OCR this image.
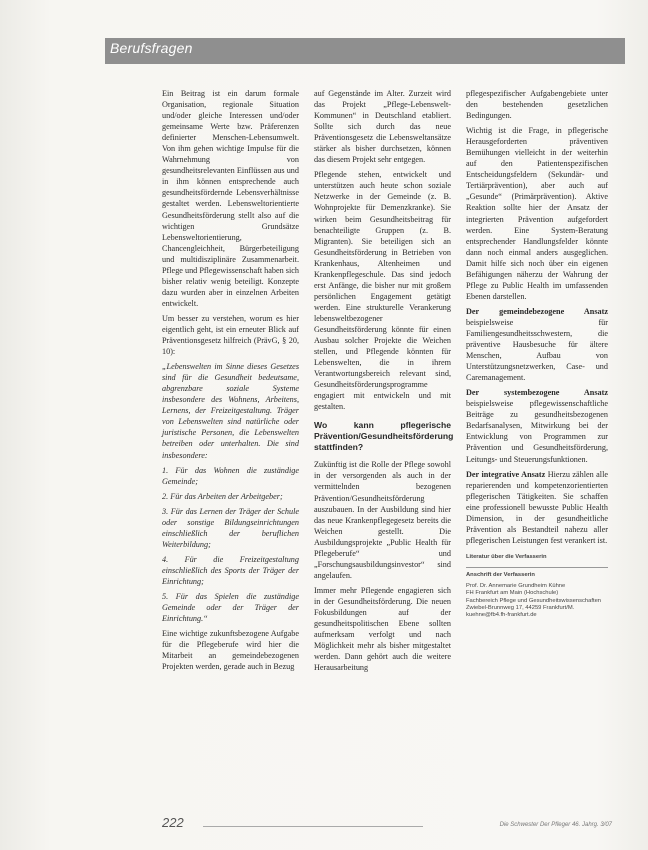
Berufsfragen

Ein Beitrag ist ein darum formale Organisation, regionale Situation und/oder gleiche Interessen und/oder gemeinsame Werte bzw. Präferenzen definierter Menschen-Lebensumwelt. Von ihm gehen wichtige Impulse für die Wahrnehmung von gesundheitsrelevanten Einflüssen aus und in ihm können entsprechende auch gesundheitsfördernde Lebensverhältnisse gestaltet werden. Lebensweltorientierte Gesundheitsförderung stellt also auf die wichtigen Grundsätze Lebensweltorientierung, Chancengleichheit, Bürgerbeteiligung und multidisziplinäre Zusammenarbeit. Pflege und Pflegewissenschaft haben sich bisher relativ wenig beteiligt. Konzepte dazu wurden aber in einzelnen Arbeiten entwickelt.

Um besser zu verstehen, worum es hier eigentlich geht, ist ein erneuter Blick auf Präventionsgesetz hilfreich (PrävG, § 20, 10):

„Lebenswelten im Sinne dieses Gesetzes sind für die Gesundheit bedeutsame, abgrenzbare soziale Systeme insbesondere des Wohnens, Arbeitens, Lernens, der Freizeitgestaltung. Träger von Lebenswelten sind natürliche oder juristische Personen, die Lebenswelten betreiben oder unterhalten. Die sind insbesondere:

1. Für das Wohnen die zuständige Gemeinde;

2. Für das Arbeiten der Arbeitgeber;

3. Für das Lernen der Träger der Schule oder sonstige Bildungseinrichtungen einschließlich der beruflichen Weiterbildung;

4. Für die Freizeitgestaltung einschließlich des Sports der Träger der Einrichtung;

5. Für das Spielen die zuständige Gemeinde oder der Träger der Einrichtung.“

Eine wichtige zukunftsbezogene Aufgabe für die Pflegeberufe wird hier die Mitarbeit an gemeindebezogenen Projekten werden, gerade auch in Bezug

auf Gegenstände im Alter. Zurzeit wird das Projekt „Pflege-Lebenswelt-Kommunen“ in Deutschland etabliert. Sollte sich durch das neue Präventionsgesetz die Lebensweltansätze stärker als bisher durchsetzen, können das diesem Projekt sehr entgegen.

Pflegende stehen, entwickelt und unterstützen auch heute schon soziale Netzwerke in der Gemeinde (z. B. Wohnprojekte für Demenzkranke). Sie wirken beim Gesundheitsbeitrag für benachteiligte Gruppen (z. B. Migranten). Sie beteiligen sich an Gesundheitsförderung in Betrieben von Krankenhaus, Altenheimen und Krankenpflegeschule. Das sind jedoch erst Anfänge, die bisher nur mit großem persönlichen Engagement getätigt werden. Eine strukturelle Verankerung lebensweltbezogener Gesundheitsförderung könnte für einen Ausbau solcher Projekte die Weichen stellen, und Pflegende könnten für Lebenswelten, die in ihrem Verantwortungsbereich relevant sind, Gesundheitsförderungsprogramme engagiert mit entwickeln und mit gestalten.

Wo kann pflegerische Prävention/Gesundheitsförderung stattfinden?

Zukünftig ist die Rolle der Pflege sowohl in der versorgenden als auch in der vermittelnden bezogenen Prävention/Gesundheitsförderung auszubauen. In der Ausbildung sind hier das neue Krankenpflegegesetz bereits die Weichen gestellt. Die Ausbildungsprojekte „Public Health für Pflegeberufe“ und „Forschungsausbildungsinvestor“ sind angelaufen.

Immer mehr Pflegende engagieren sich in der Gesundheitsförderung. Die neuen Fokusbildungen auf der gesundheitspolitischen Ebene sollten aufmerksam verfolgt und nach Möglichkeit mehr als bisher mitgestaltet werden. Dann gehört auch die weitere Herausarbeitung

pflegespezifischer Aufgabengebiete unter den bestehenden gesetzlichen Bedingungen.

Wichtig ist die Frage, in pflegerische Herausgeforderten präventiven Bemühungen vielleicht in der weiterhin auf den Patientenspezifischen Entscheidungsfeldern (Sekundär- und Tertiärprävention), aber auch auf „Gesunde“ (Primärprävention). Aktive Reaktion sollte hier der Ansatz der integrierten Prävention aufgefordert werden. Eine System-Beratung entsprechender Handlungsfelder könnte dann noch einmal anders ausgeglichen. Damit hilfe sich noch über ein eigenen Befähigungen näherzu der Wahrung der Pflege zu Public Health im umfassenden Ebenen darstellen.

Der gemeindebezogene Ansatz beispielsweise für Familiengesundheitsschwestern, die präventive Hausbesuche für ältere Menschen, Aufbau von Unterstützungsnetzwerken, Case- und Caremanagement.

Der systembezogene Ansatz beispielsweise pflegewissenschaftliche Beiträge zu gesundheitsbezogenen Bedarfsanalysen, Mitwirkung bei der Entwicklung von Programmen zur Prävention und Gesundheitsförderung, Leitungs- und Steuerungsfunktionen.

Der integrative Ansatz Hierzu zählen alle reparierenden und kompetenzorientierten pflegerischen Tätigkeiten. Sie schaffen eine professionell bewusste Public Health Dimension, in der gesundheitliche Prävention als Bestandteil nahezu aller pflegerischen Leistungen fest verankert ist.

Literatur über die Verfasserin
Anschrift der Verfasserin
Prof. Dr. Annemarie Grundheim Kühne
FH Frankfurt am Main (Hochschule)
Fachbereich Pflege und Gesundheitswissenschaften
Zwiebel-Brunnweg 17, 44259 Frankfurt/M.
kuehne@fb4.fh-frankfurt.de
222	Die Schwester Der Pfleger 46. Jahrg. 3/07
